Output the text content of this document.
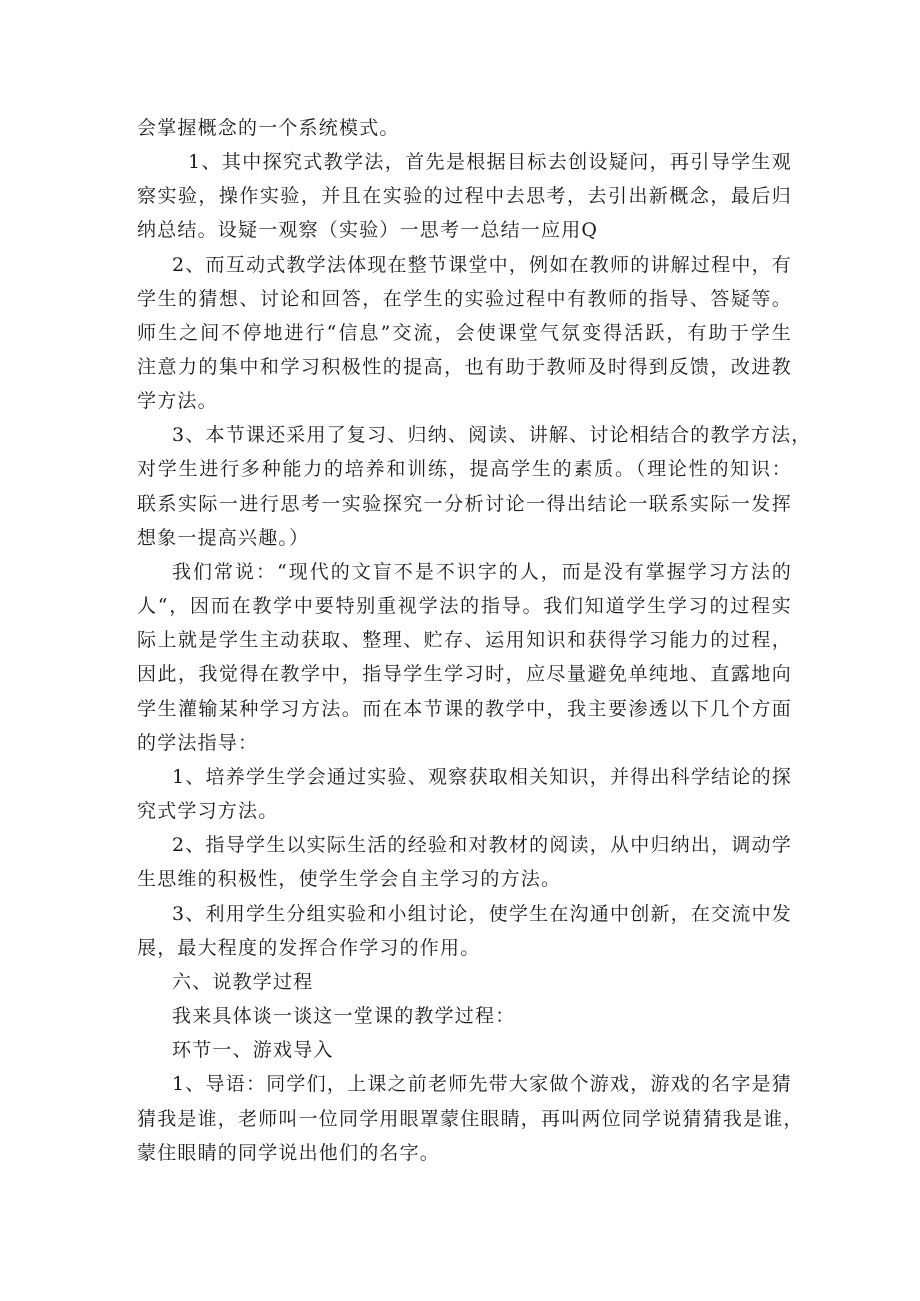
会掌握概念的一个系统模式。
1、其中探究式教学法，首先是根据目标去创设疑问，再引导学生观
察实验，操作实验，并且在实验的过程中去思考，去引出新概念，最后归
纳总结。设疑一观察（实验）一思考一总结一应用Q
2、而互动式教学法体现在整节课堂中，例如在教师的讲解过程中，有
学生的猜想、讨论和回答，在学生的实验过程中有教师的指导、答疑等。
师生之间不停地进行“信息”交流，会使课堂气氛变得活跃，有助于学生
注意力的集中和学习积极性的提高，也有助于教师及时得到反馈，改进教
学方法。
3、本节课还采用了复习、归纳、阅读、讲解、讨论相结合的教学方法，
对学生进行多种能力的培养和训练，提高学生的素质。（理论性的知识：
联系实际一进行思考一实验探究一分析讨论一得出结论一联系实际一发挥
想象一提高兴趣。）
我们常说：“现代的文盲不是不识字的人，而是没有掌握学习方法的
人“，因而在教学中要特别重视学法的指导。我们知道学生学习的过程实
际上就是学生主动获取、整理、贮存、运用知识和获得学习能力的过程，
因此，我觉得在教学中，指导学生学习时，应尽量避免单纯地、直露地向
学生灌输某种学习方法。而在本节课的教学中，我主要渗透以下几个方面
的学法指导：
1、培养学生学会通过实验、观察获取相关知识，并得出科学结论的探
究式学习方法。
2、指导学生以实际生活的经验和对教材的阅读，从中归纳出，调动学
生思维的积极性，使学生学会自主学习的方法。
3、利用学生分组实验和小组讨论，使学生在沟通中创新，在交流中发
展，最大程度的发挥合作学习的作用。
六、说教学过程
我来具体谈一谈这一堂课的教学过程：
环节一、游戏导入
1、导语：同学们，上课之前老师先带大家做个游戏，游戏的名字是猜
猜我是谁，老师叫一位同学用眼罩蒙住眼睛，再叫两位同学说猜猜我是谁，
蒙住眼睛的同学说出他们的名字。
